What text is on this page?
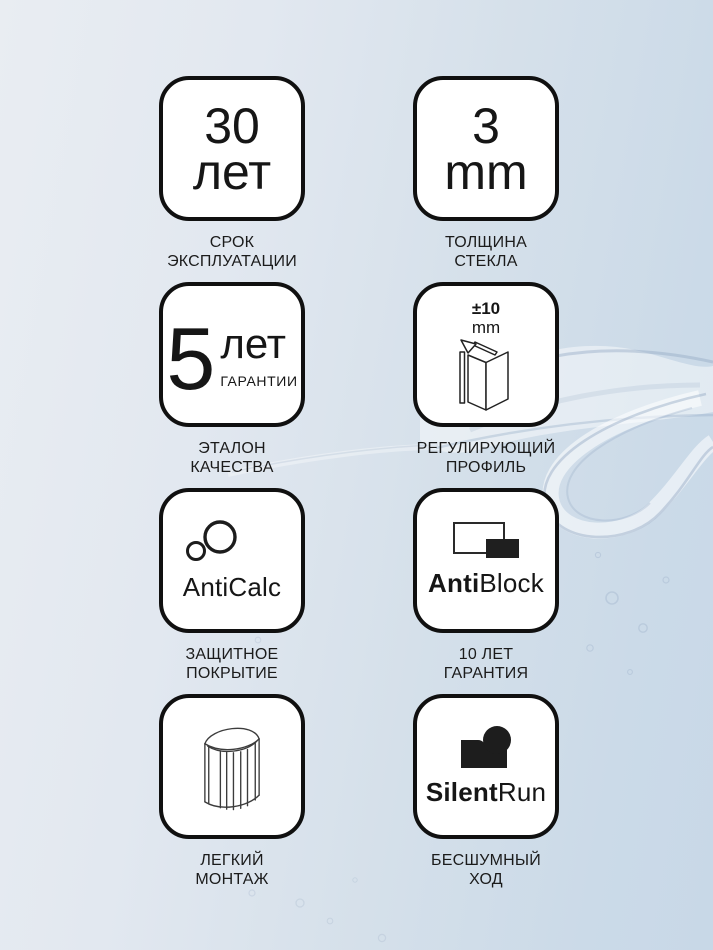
30
лет
СРОК
ЭКСПЛУАТАЦИИ
3
mm
ТОЛЩИНА
СТЕКЛА
5 лет
ГАРАНТИИ
ЭТАЛОН
КАЧЕСТВА
±10
mm
РЕГУЛИРУЮЩИЙ
ПРОФИЛЬ
AntiCalc
ЗАЩИТНОЕ
ПОКРЫТИЕ
AntiBlock
10 ЛЕТ
ГАРАНТИЯ
ЛЕГКИЙ
МОНТАЖ
SilentRun
БЕСШУМНЫЙ
ХОД
